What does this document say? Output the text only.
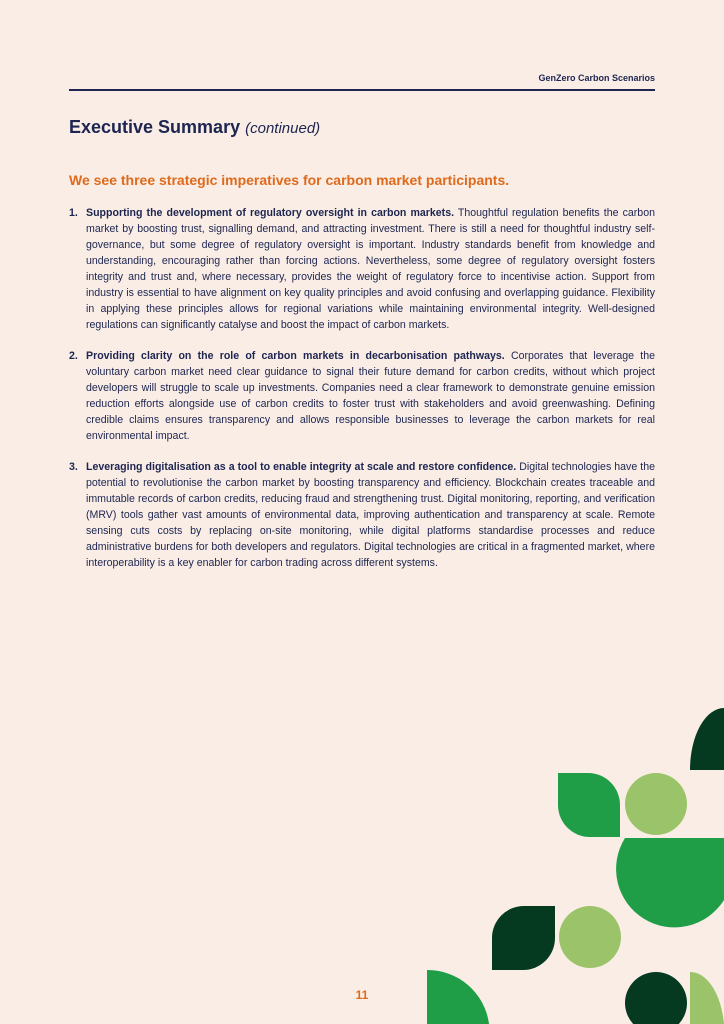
GenZero Carbon Scenarios
Executive Summary (continued)
We see three strategic imperatives for carbon market participants.
1. Supporting the development of regulatory oversight in carbon markets. Thoughtful regulation benefits the carbon market by boosting trust, signalling demand, and attracting investment. There is still a need for thoughtful industry self-governance, but some degree of regulatory oversight is important. Industry standards benefit from knowledge and understanding, encouraging rather than forcing actions. Nevertheless, some degree of regulatory oversight fosters integrity and trust and, where necessary, provides the weight of regulatory force to incentivise action. Support from industry is essential to have alignment on key quality principles and avoid confusing and overlapping guidance. Flexibility in applying these principles allows for regional variations while maintaining environmental integrity. Well-designed regulations can significantly catalyse and boost the impact of carbon markets.
2. Providing clarity on the role of carbon markets in decarbonisation pathways. Corporates that leverage the voluntary carbon market need clear guidance to signal their future demand for carbon credits, without which project developers will struggle to scale up investments. Companies need a clear framework to demonstrate genuine emission reduction efforts alongside use of carbon credits to foster trust with stakeholders and avoid greenwashing. Defining credible claims ensures transparency and allows responsible businesses to leverage the carbon markets for real environmental impact.
3. Leveraging digitalisation as a tool to enable integrity at scale and restore confidence. Digital technologies have the potential to revolutionise the carbon market by boosting transparency and efficiency. Blockchain creates traceable and immutable records of carbon credits, reducing fraud and strengthening trust. Digital monitoring, reporting, and verification (MRV) tools gather vast amounts of environmental data, improving authentication and transparency at scale. Remote sensing cuts costs by replacing on-site monitoring, while digital platforms standardise processes and reduce administrative burdens for both developers and regulators. Digital technologies are critical in a fragmented market, where interoperability is a key enabler for carbon trading across different systems.
11
